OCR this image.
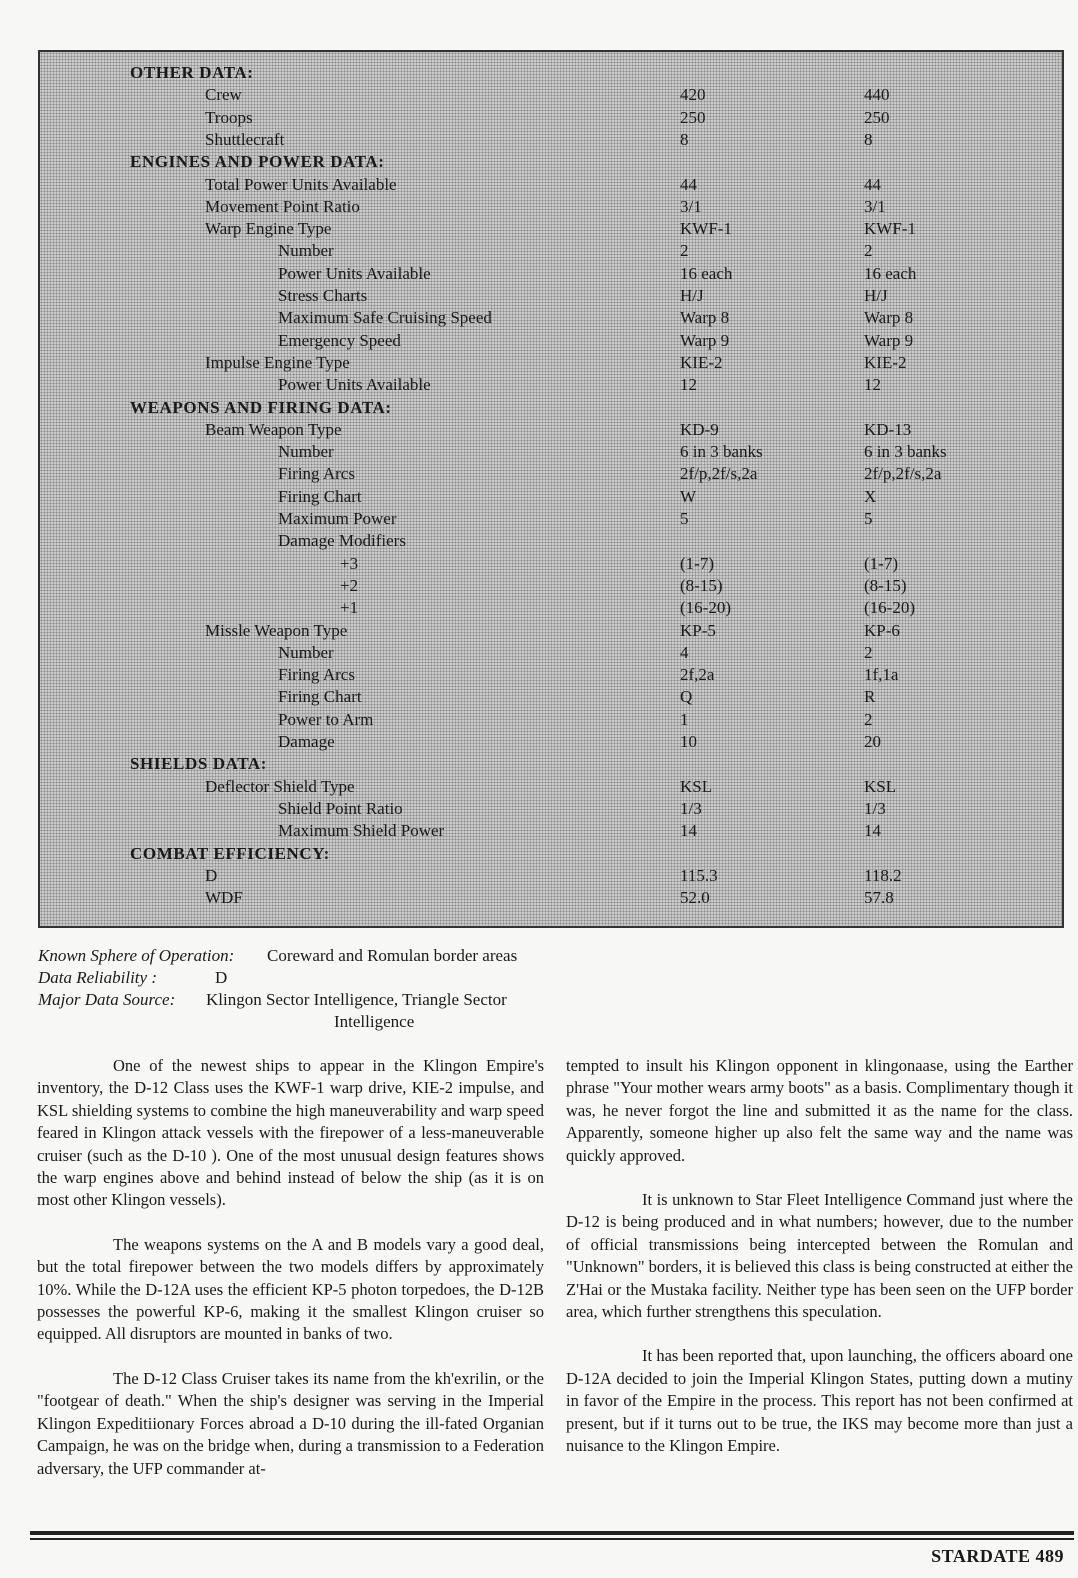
OTHER DATA:
Crew	420	440
Troops	250	250
Shuttlecraft	8	8
ENGINES AND POWER DATA:
Total Power Units Available	44	44
Movement Point Ratio	3/1	3/1
Warp Engine Type	KWF-1	KWF-1
Number	2	2
Power Units Available	16 each	16 each
Stress Charts	H/J	H/J
Maximum Safe Cruising Speed	Warp 8	Warp 8
Emergency Speed	Warp 9	Warp 9
Impulse Engine Type	KIE-2	KIE-2
Power Units Available	12	12
WEAPONS AND FIRING DATA:
Beam Weapon Type	KD-9	KD-13
Number	6 in 3 banks	6 in 3 banks
Firing Arcs	2f/p,2f/s,2a	2f/p,2f/s,2a
Firing Chart	W	X
Maximum Power	5	5
Damage Modifiers
+3	(1-7)	(1-7)
+2	(8-15)	(8-15)
+1	(16-20)	(16-20)
Missle Weapon Type	KP-5	KP-6
Number	4	2
Firing Arcs	2f,2a	1f,1a
Firing Chart	Q	R
Power to Arm	1	2
Damage	10	20
SHIELDS DATA:
Deflector Shield Type	KSL	KSL
Shield Point Ratio	1/3	1/3
Maximum Shield Power	14	14
COMBAT EFFICIENCY:
D	115.3	118.2
WDF	52.0	57.8
Known Sphere of Operation: Coreward and Romulan border areas
Data Reliability :	D
Major Data Source: Klingon Sector Intelligence, Triangle Sector
Intelligence

One of the newest ships to appear in the Klingon Empire's inventory, the D-12 Class uses the KWF-1 warp drive, KIE-2 impulse, and KSL shielding systems to combine the high maneuverability and warp speed feared in Klingon attack vessels with the firepower of a less-maneuverable cruiser (such as the D-10 ). One of the most unusual design features shows the warp engines above and behind instead of below the ship (as it is on most other Klingon vessels).

The weapons systems on the A and B models vary a good deal, but the total firepower between the two models differs by approximately 10%. While the D-12A uses the efficient KP-5 photon torpedoes, the D-12B possesses the powerful KP-6, making it the smallest Klingon cruiser so equipped. All disruptors are mounted in banks of two.

The D-12 Class Cruiser takes its name from the kh'exrilin, or the "footgear of death." When the ship's designer was serving in the Imperial Klingon Expeditiionary Forces abroad a D-10 during the ill-fated Organian Campaign, he was on the bridge when, during a transmission to a Federation adversary, the UFP commander at-

tempted to insult his Klingon opponent in klingonaase, using the Earther phrase "Your mother wears army boots" as a basis. Complimentary though it was, he never forgot the line and submitted it as the name for the class. Apparently, someone higher up also felt the same way and the name was quickly approved.

It is unknown to Star Fleet Intelligence Command just where the D-12 is being produced and in what numbers; however, due to the number of official transmissions being intercepted between the Romulan and "Unknown" borders, it is believed this class is being constructed at either the Z'Hai or the Mustaka facility. Neither type has been seen on the UFP border area, which further strengthens this speculation.

It has been reported that, upon launching, the officers aboard one D-12A decided to join the Imperial Klingon States, putting down a mutiny in favor of the Empire in the process. This report has not been confirmed at present, but if it turns out to be true, the IKS may become more than just a nuisance to the Klingon Empire.

STARDATE 489
